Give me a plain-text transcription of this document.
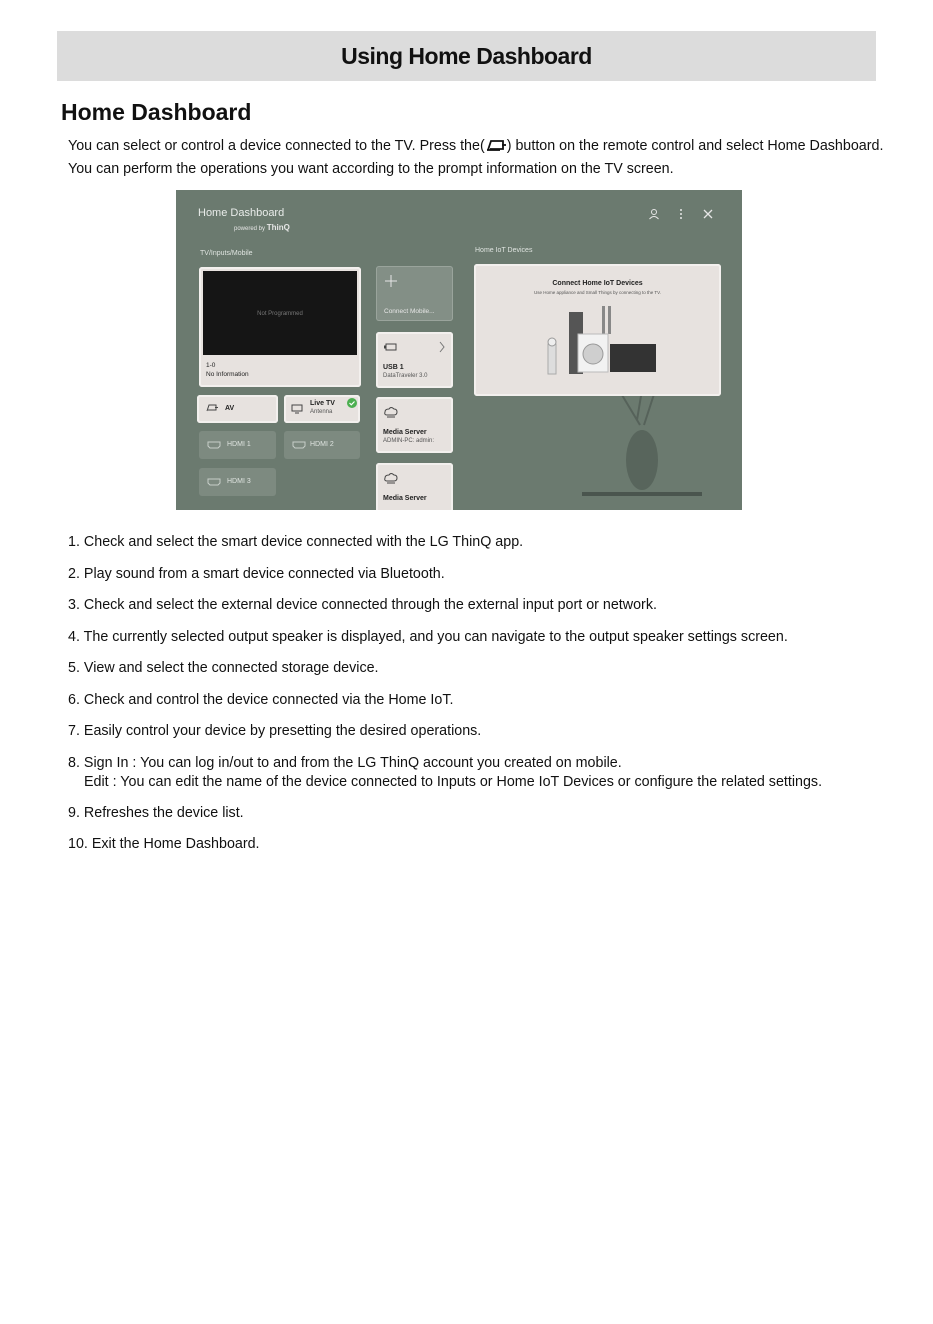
Using Home Dashboard
Home Dashboard

You can select or control a device connected to the TV. Press the( ) button on the remote control and select Home Dashboard. You can perform the operations you want according to the prompt information on the TV screen.

Home Dashboard
powered by ThinQ
TV/Inputs/Mobile	Home IoT Devices
Not Programmed
1-0
No Information
Connect Mobile...
USB 1
DataTraveler 3.0
Media Server
ADMIN-PC: admin:
Media Server
AV
Live TV
Antenna
HDMI 1	HDMI 2
HDMI 3
Connect Home IoT Devices
Use Home appliance and Small Things by connecting to the TV.
1. Check and select the smart device connected with the LG ThinQ app.
2. Play sound from a smart device connected via Bluetooth.
3. Check and select the external device connected through the external input port or network.
4. The currently selected output speaker is displayed, and you can navigate to the output speaker settings screen.
5. View and select the connected storage device.
6. Check and control the device connected via the Home IoT.
7. Easily control your device by presetting the desired operations.
8. Sign In : You can log in/out to and from the LG ThinQ account you created on mobile.
Edit : You can edit the name of the device connected to Inputs or Home IoT Devices or configure the related settings.
9. Refreshes the device list.
10. Exit the Home Dashboard.
